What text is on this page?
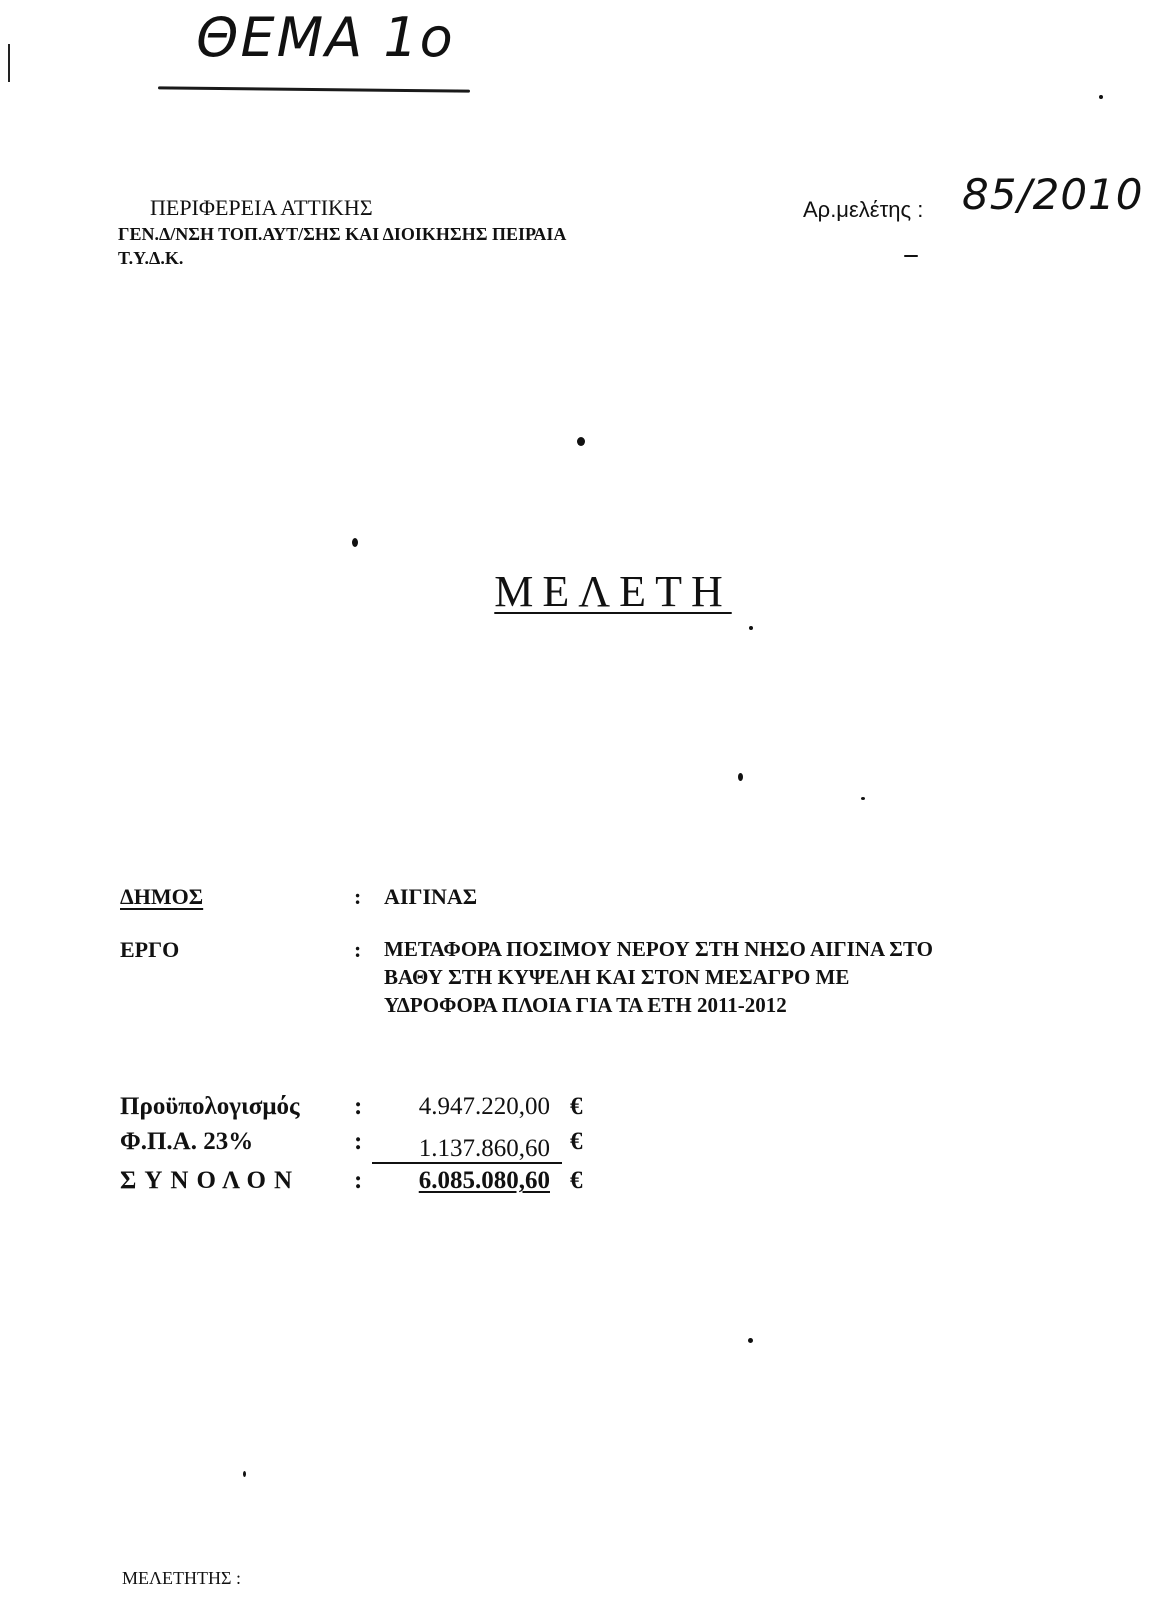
ΘΕΜΑ 1ο
ΠΕΡΙΦΕΡΕΙΑ ΑΤΤΙΚΗΣ
ΓΕΝ.Δ/ΝΣΗ ΤΟΠ.ΑΥΤ/ΣΗΣ ΚΑΙ ΔΙΟΙΚΗΣΗΣ ΠΕΙΡΑΙΑ
Τ.Υ.Δ.Κ.
Αρ.μελέτης : 85/2010
ΜΕΛΕΤΗ
ΔΗΜΟΣ	: ΑΙΓΙΝΑΣ
ΕΡΓΟ	: ΜΕΤΑΦΟΡΑ ΠΟΣΙΜΟΥ ΝΕΡΟΥ ΣΤΗ ΝΗΣΟ ΑΙΓΙΝΑ ΣΤΟ
ΒΑΘΥ ΣΤΗ ΚΥΨΕΛΗ ΚΑΙ ΣΤΟΝ ΜΕΣΑΓΡΟ ΜΕ
ΥΔΡΟΦΟΡΑ ΠΛΟΙΑ ΓΙΑ ΤΑ ΕΤΗ 2011-2012
Προϋπολογισμός :	4.947.220,00 €
Φ.Π.Α. 23%	:	1.137.860,60 €
ΣΥΝΟΛΟΝ :	6.085.080,60 €
ΜΕΛΕΤΗΤΗΣ :
